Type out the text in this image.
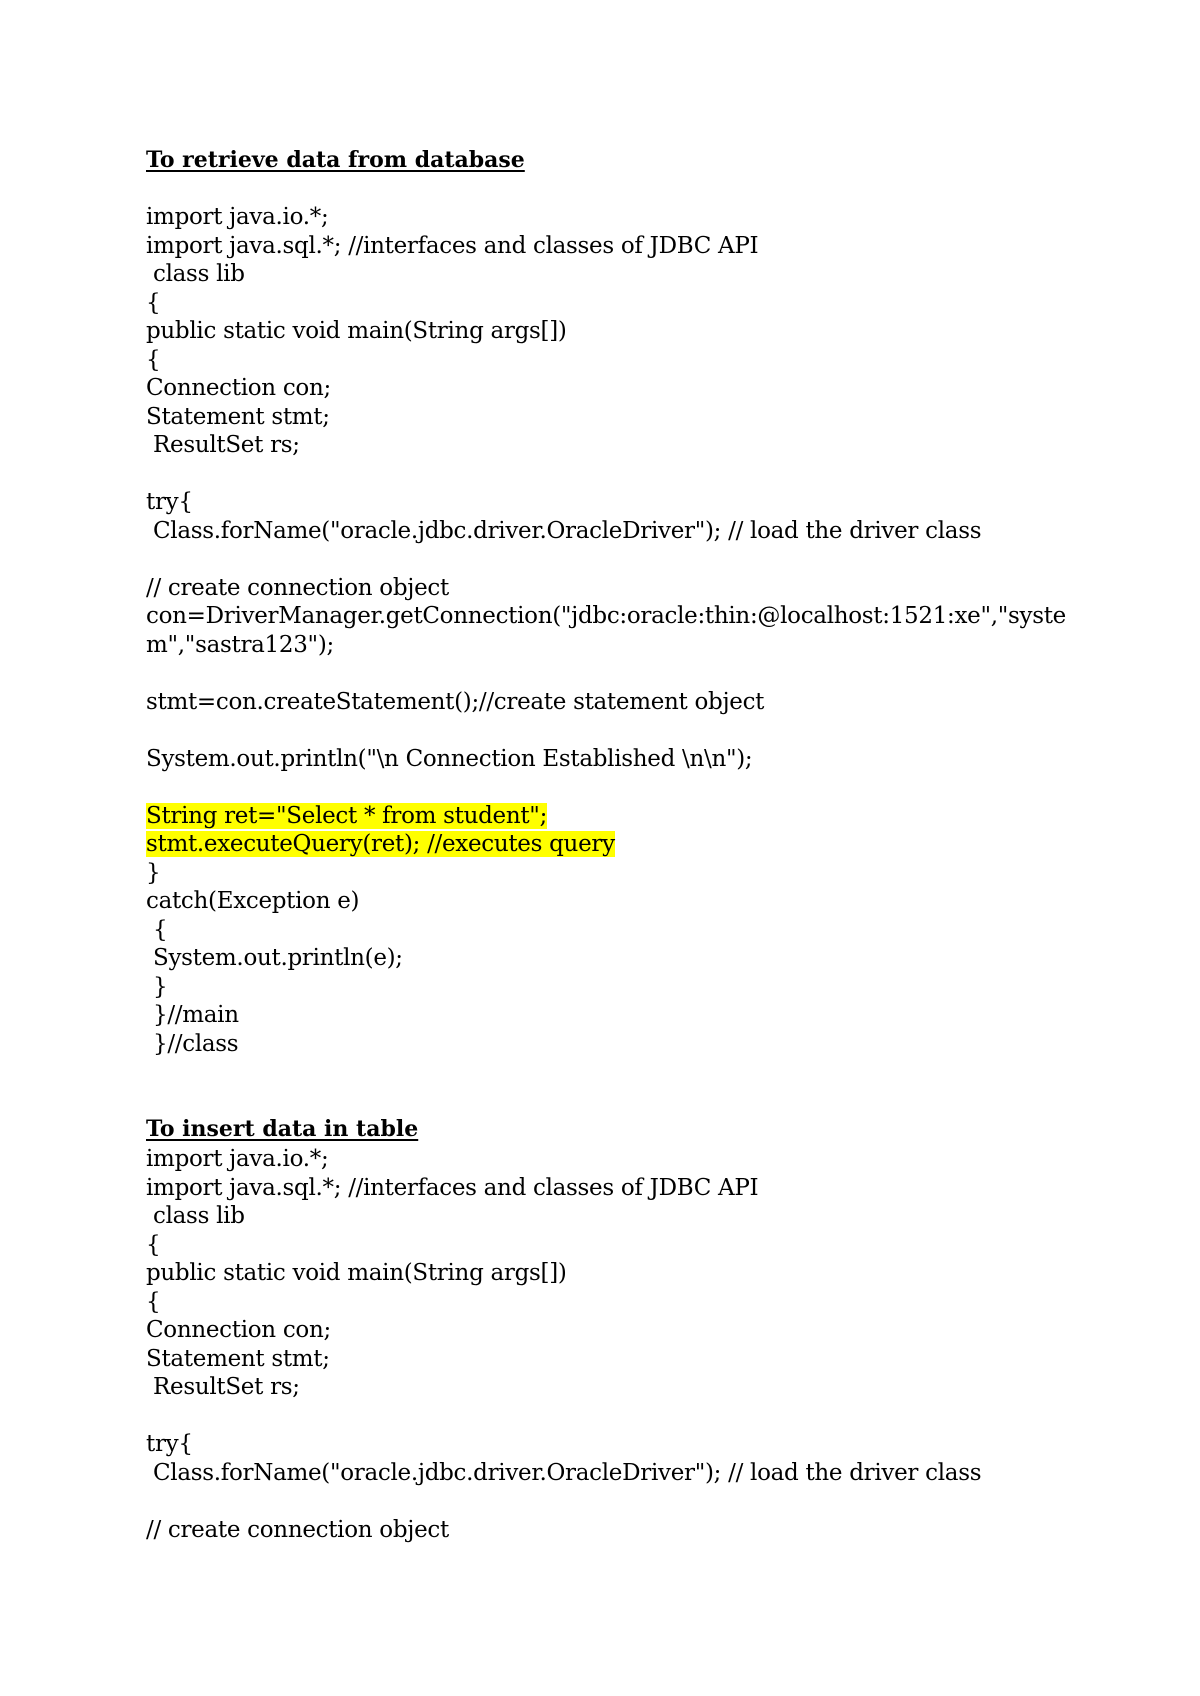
To retrieve data from database
import java.io.*;
import java.sql.*; //interfaces and classes of JDBC API
class lib
{
public static void main(String args[])
{
Connection con;
Statement stmt;
ResultSet rs;
try{
Class.forName("oracle.jdbc.driver.OracleDriver"); // load the driver class
// create connection object
con=DriverManager.getConnection("jdbc:oracle:thin:@localhost:1521:xe","system","sastra123");
stmt=con.createStatement();//create statement object
System.out.println("\n Connection Established \n\n");
String ret="Select * from student";
stmt.executeQuery(ret); //executes query
}
catch(Exception e)
{
System.out.println(e);
}
}//main
}//class
To insert data in table
import java.io.*;
import java.sql.*; //interfaces and classes of JDBC API
class lib
{
public static void main(String args[])
{
Connection con;
Statement stmt;
ResultSet rs;
try{
Class.forName("oracle.jdbc.driver.OracleDriver"); // load the driver class
// create connection object
